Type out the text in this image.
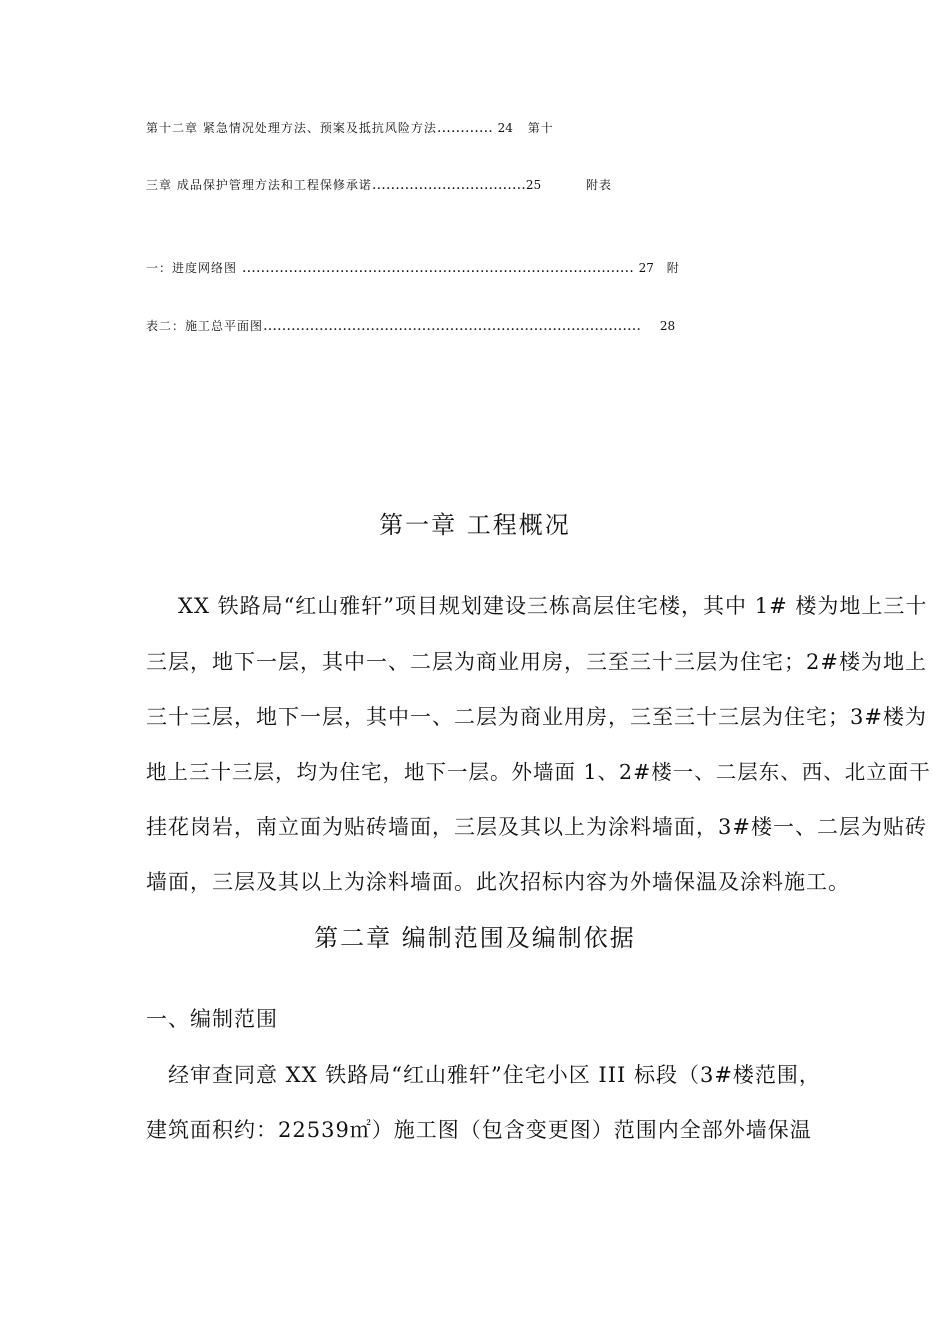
第十二章 紧急情况处理方法、预案及抵抗风险方法………… 24 第十
三章 成品保护管理方法和工程保修承诺……………………………25	附表
一：进度网络图 ………………………………………………………………………… 27 附
表二：施工总平面图……………………………………………………………………… 28
第一章 工程概况
XX 铁路局“红山雅轩”项目规划建设三栋高层住宅楼，其中 1# 楼为地上三十
三层，地下一层，其中一、二层为商业用房，三至三十三层为住宅；2#楼为地上
三十三层，地下一层，其中一、二层为商业用房，三至三十三层为住宅；3#楼为
地上三十三层，均为住宅，地下一层。外墙面 1、2#楼一、二层东、西、北立面干
挂花岗岩，南立面为贴砖墙面，三层及其以上为涂料墙面，3#楼一、二层为贴砖
墙面，三层及其以上为涂料墙面。此次招标内容为外墙保温及涂料施工。
第二章 编制范围及编制依据
一、编制范围
经审查同意 XX 铁路局“红山雅轩”住宅小区 III 标段（3#楼范围，
建筑面积约：22539㎡）施工图（包含变更图）范围内全部外墙保温
